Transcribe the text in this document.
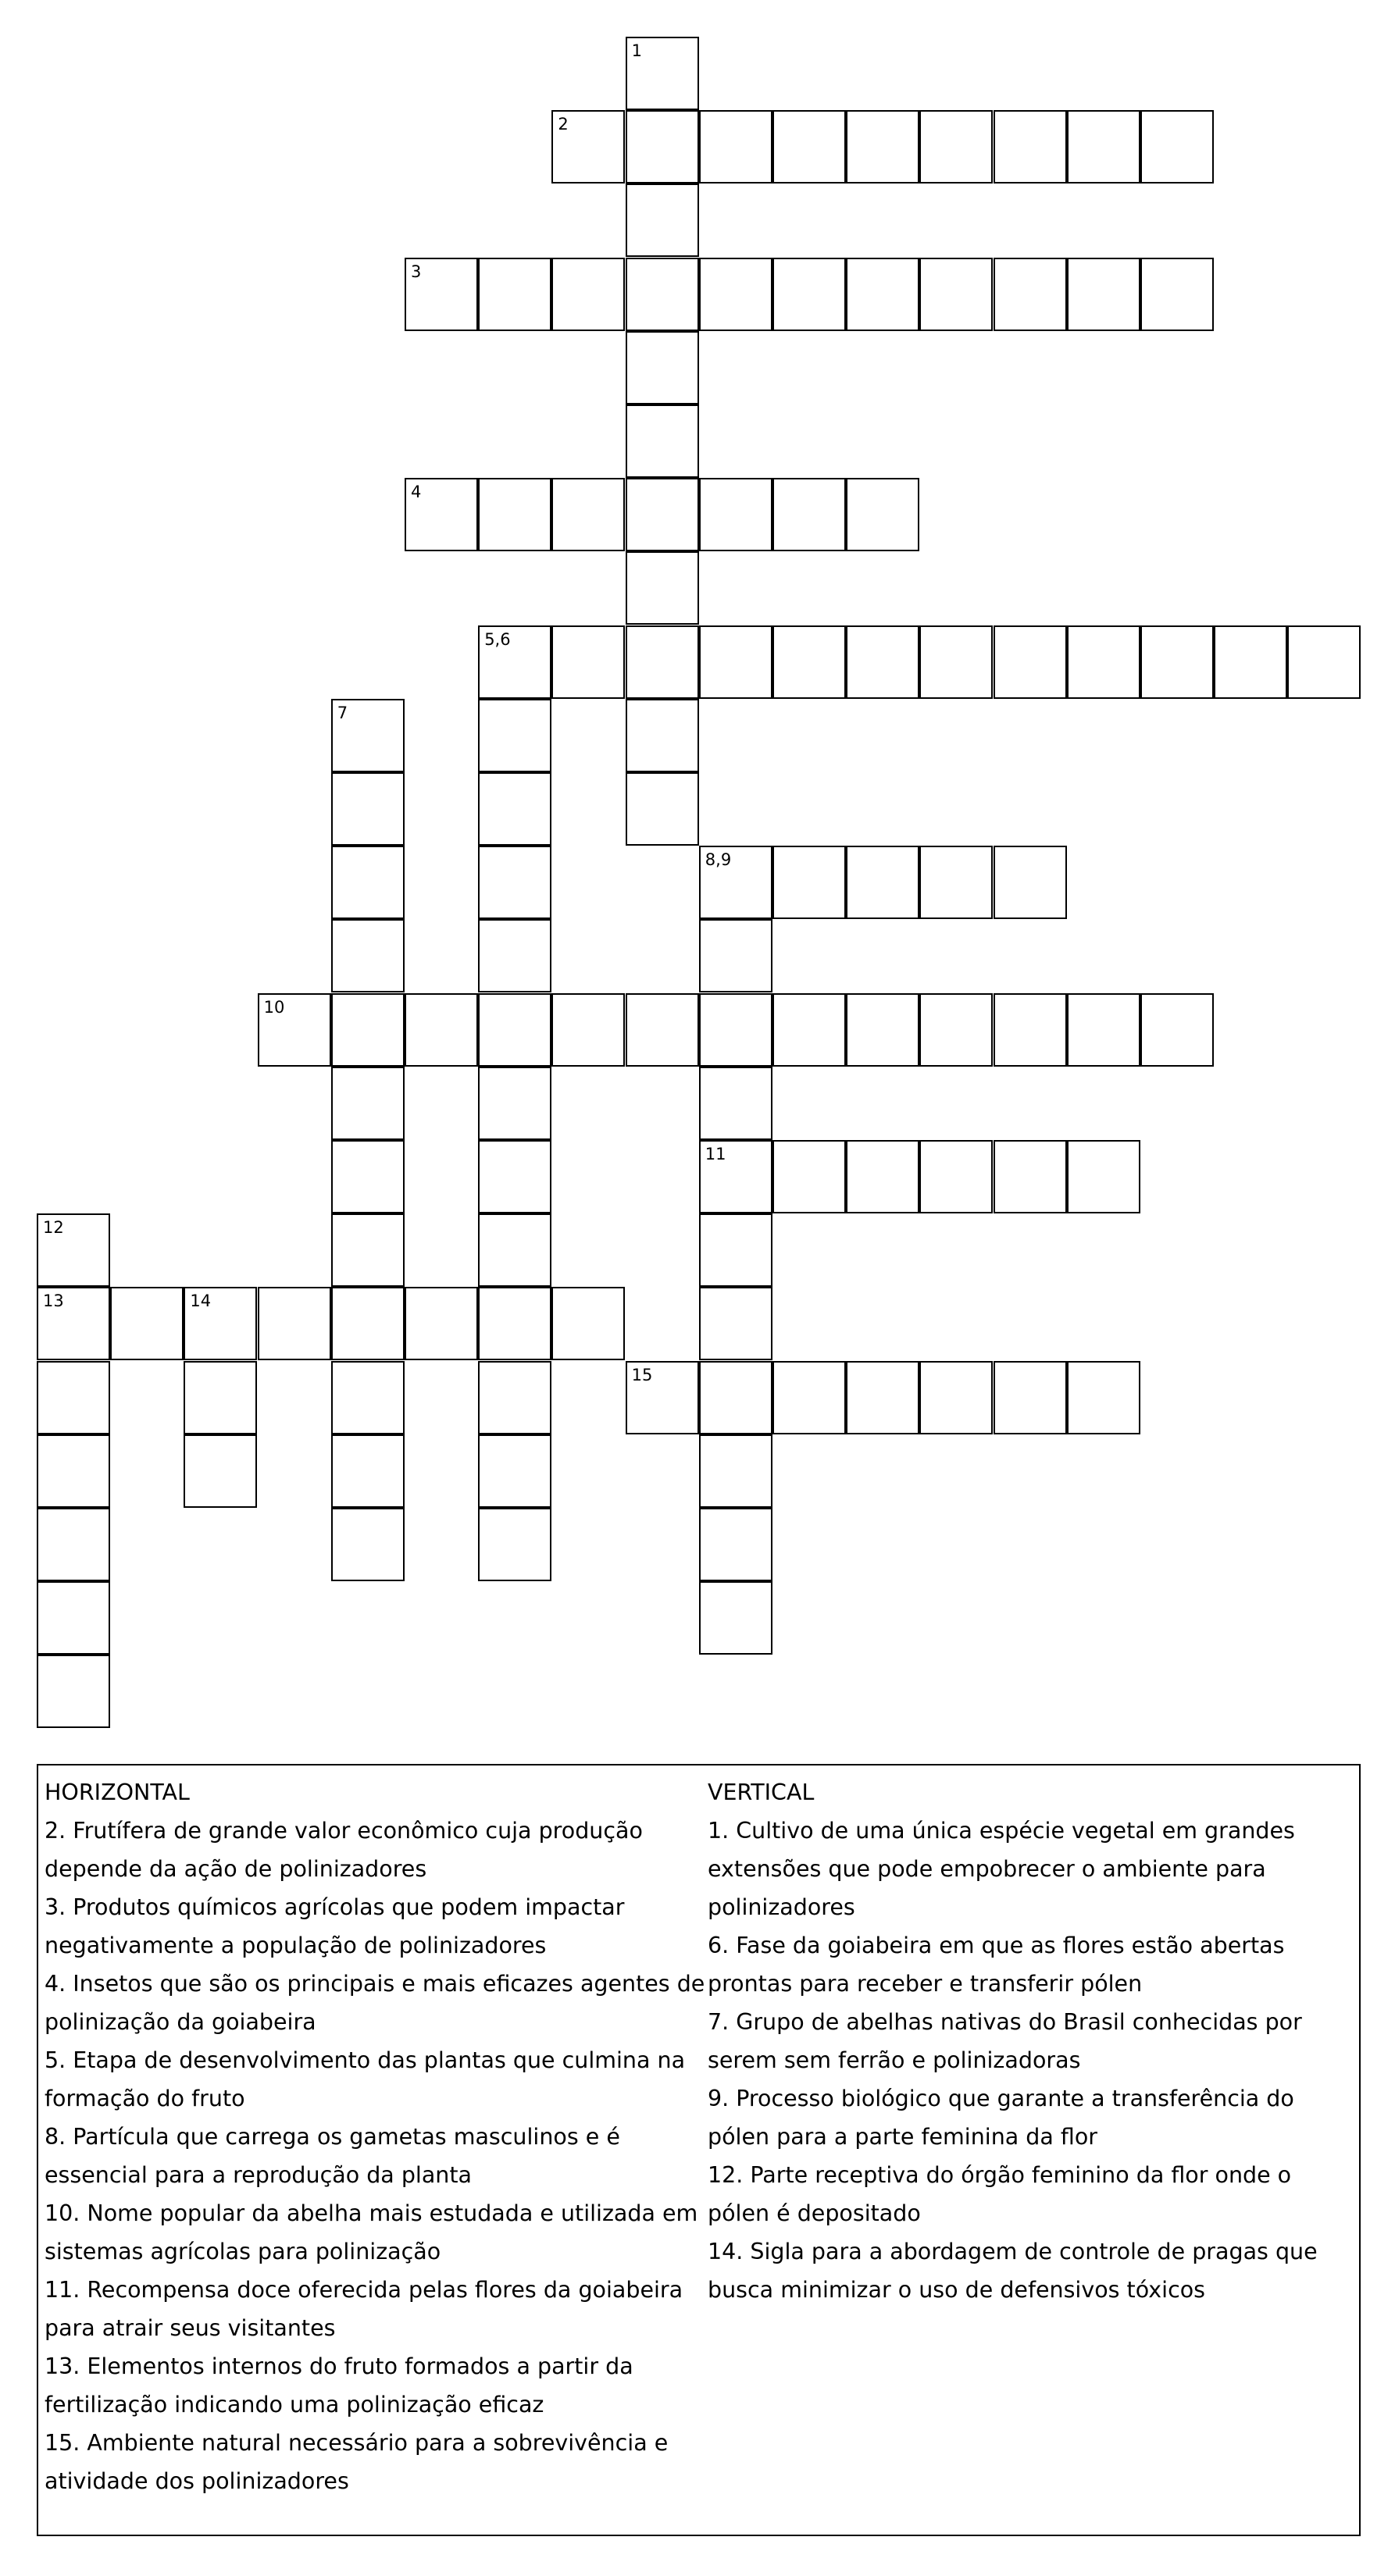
2
3
4
5,6
8,9
10
11
13	14
15
1
7
12

HORIZONTAL

2. Frutífera de grande valor econômico cuja produção depende da ação de polinizadores

3. Produtos químicos agrícolas que podem impactar negativamente a população de polinizadores

4. Insetos que são os principais e mais eficazes agentes de polinização da goiabeira

5. Etapa de desenvolvimento das plantas que culmina na formação do fruto

8. Partícula que carrega os gametas masculinos e é essencial para a reprodução da planta

10. Nome popular da abelha mais estudada e utilizada em sistemas agrícolas para polinização

11. Recompensa doce oferecida pelas flores da goiabeira para atrair seus visitantes

13. Elementos internos do fruto formados a partir da fertilização indicando uma polinização eficaz

15. Ambiente natural necessário para a sobrevivência e atividade dos polinizadores

VERTICAL

1. Cultivo de uma única espécie vegetal em grandes extensões que pode empobrecer o ambiente para polinizadores

6. Fase da goiabeira em que as flores estão abertas prontas para receber e transferir pólen

7. Grupo de abelhas nativas do Brasil conhecidas por serem sem ferrão e polinizadoras

9. Processo biológico que garante a transferência do pólen para a parte feminina da flor

12. Parte receptiva do órgão feminino da flor onde o pólen é depositado

14. Sigla para a abordagem de controle de pragas que busca minimizar o uso de defensivos tóxicos
